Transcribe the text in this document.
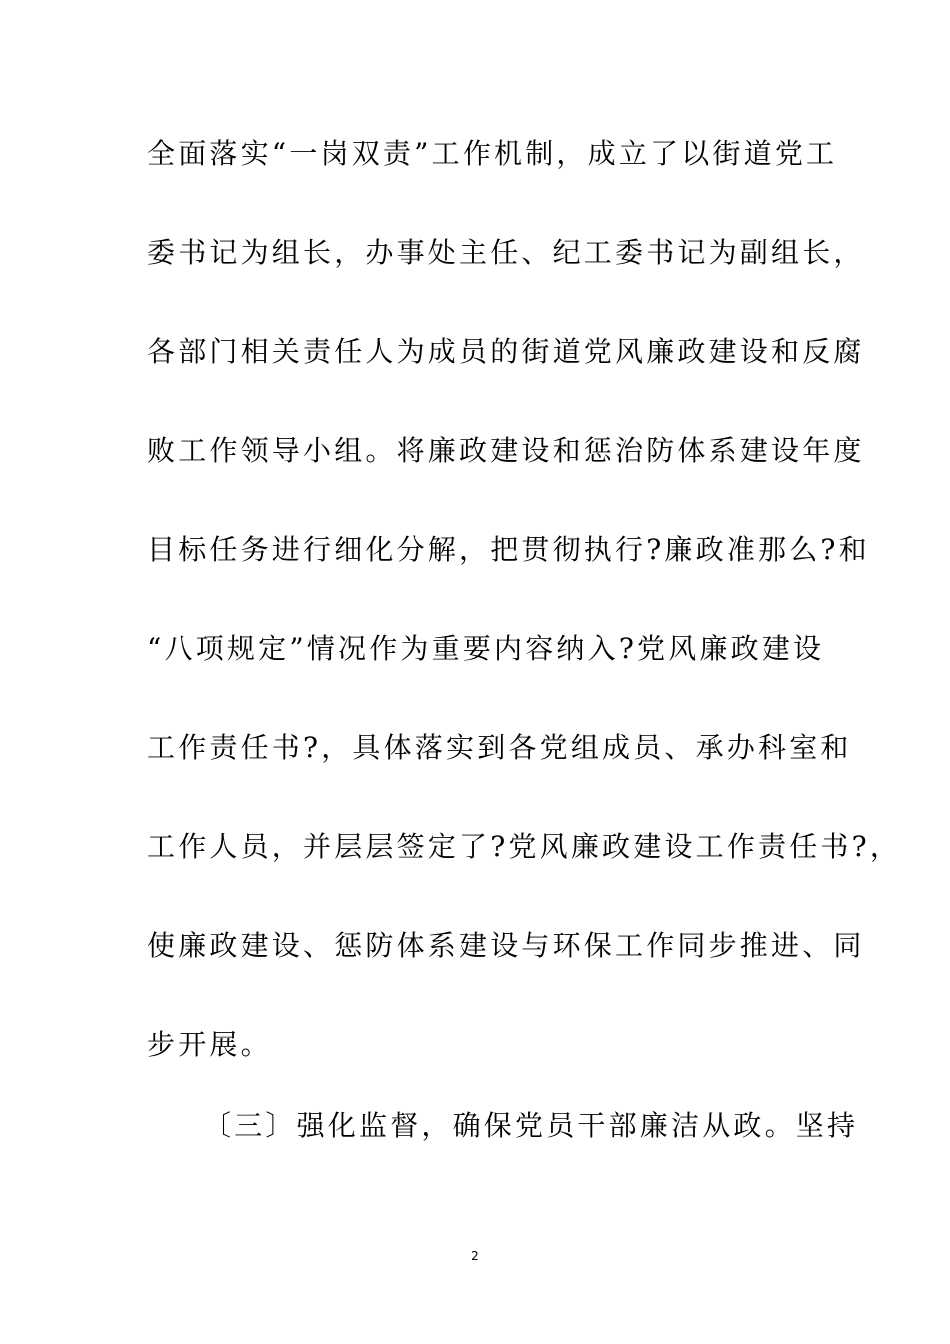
全面落实“一岗双责”工作机制，成立了以街道党工
委书记为组长，办事处主任、纪工委书记为副组长，
各部门相关责任人为成员的街道党风廉政建设和反腐
败工作领导小组。将廉政建设和惩治防体系建设年度
目标任务进行细化分解，把贯彻执行?廉政准那么?和
“八项规定”情况作为重要内容纳入?党风廉政建设
工作责任书?，具体落实到各党组成员、承办科室和
工作人员，并层层签定了?党风廉政建设工作责任书?，
使廉政建设、惩防体系建设与环保工作同步推进、同
步开展。
〔三〕强化监督，确保党员干部廉洁从政。坚持
2
